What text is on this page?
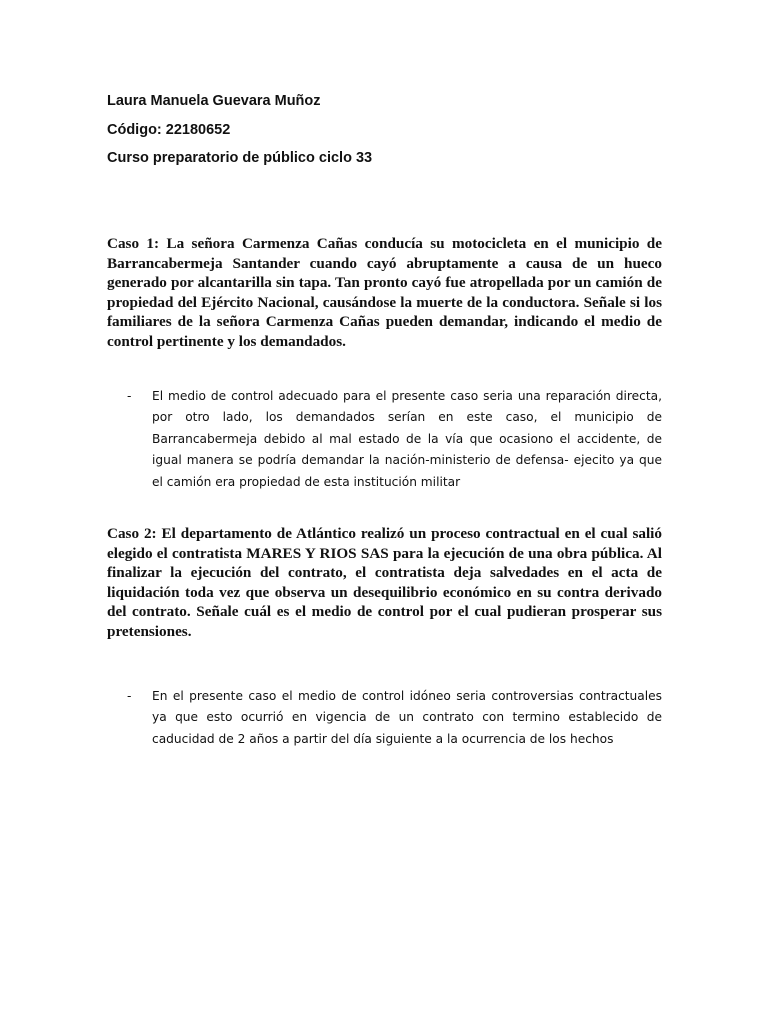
Laura Manuela Guevara Muñoz
Código: 22180652
Curso preparatorio de público ciclo 33
Caso 1: La señora Carmenza Cañas conducía su motocicleta en el municipio de Barrancabermeja Santander cuando cayó abruptamente a causa de un hueco generado por alcantarilla sin tapa. Tan pronto cayó fue atropellada por un camión de propiedad del Ejército Nacional, causándose la muerte de la conductora. Señale si los familiares de la señora Carmenza Cañas pueden demandar, indicando el medio de control pertinente y los demandados.
-	El medio de control adecuado para el presente caso seria una reparación directa, por otro lado, los demandados serían en este caso, el municipio de Barrancabermeja debido al mal estado de la vía que ocasiono el accidente, de igual manera se podría demandar la nación-ministerio de defensa- ejecito ya que el camión era propiedad de esta institución militar
Caso 2: El departamento de Atlántico realizó un proceso contractual en el cual salió elegido el contratista MARES Y RIOS SAS para la ejecución de una obra pública. Al finalizar la ejecución del contrato, el contratista deja salvedades en el acta de liquidación toda vez que observa un desequilibrio económico en su contra derivado del contrato. Señale cuál es el medio de control por el cual pudieran prosperar sus pretensiones.
-	En el presente caso el medio de control idóneo seria controversias contractuales ya que esto ocurrió en vigencia de un contrato con termino establecido de caducidad de 2 años a partir del día siguiente a la ocurrencia de los hechos
